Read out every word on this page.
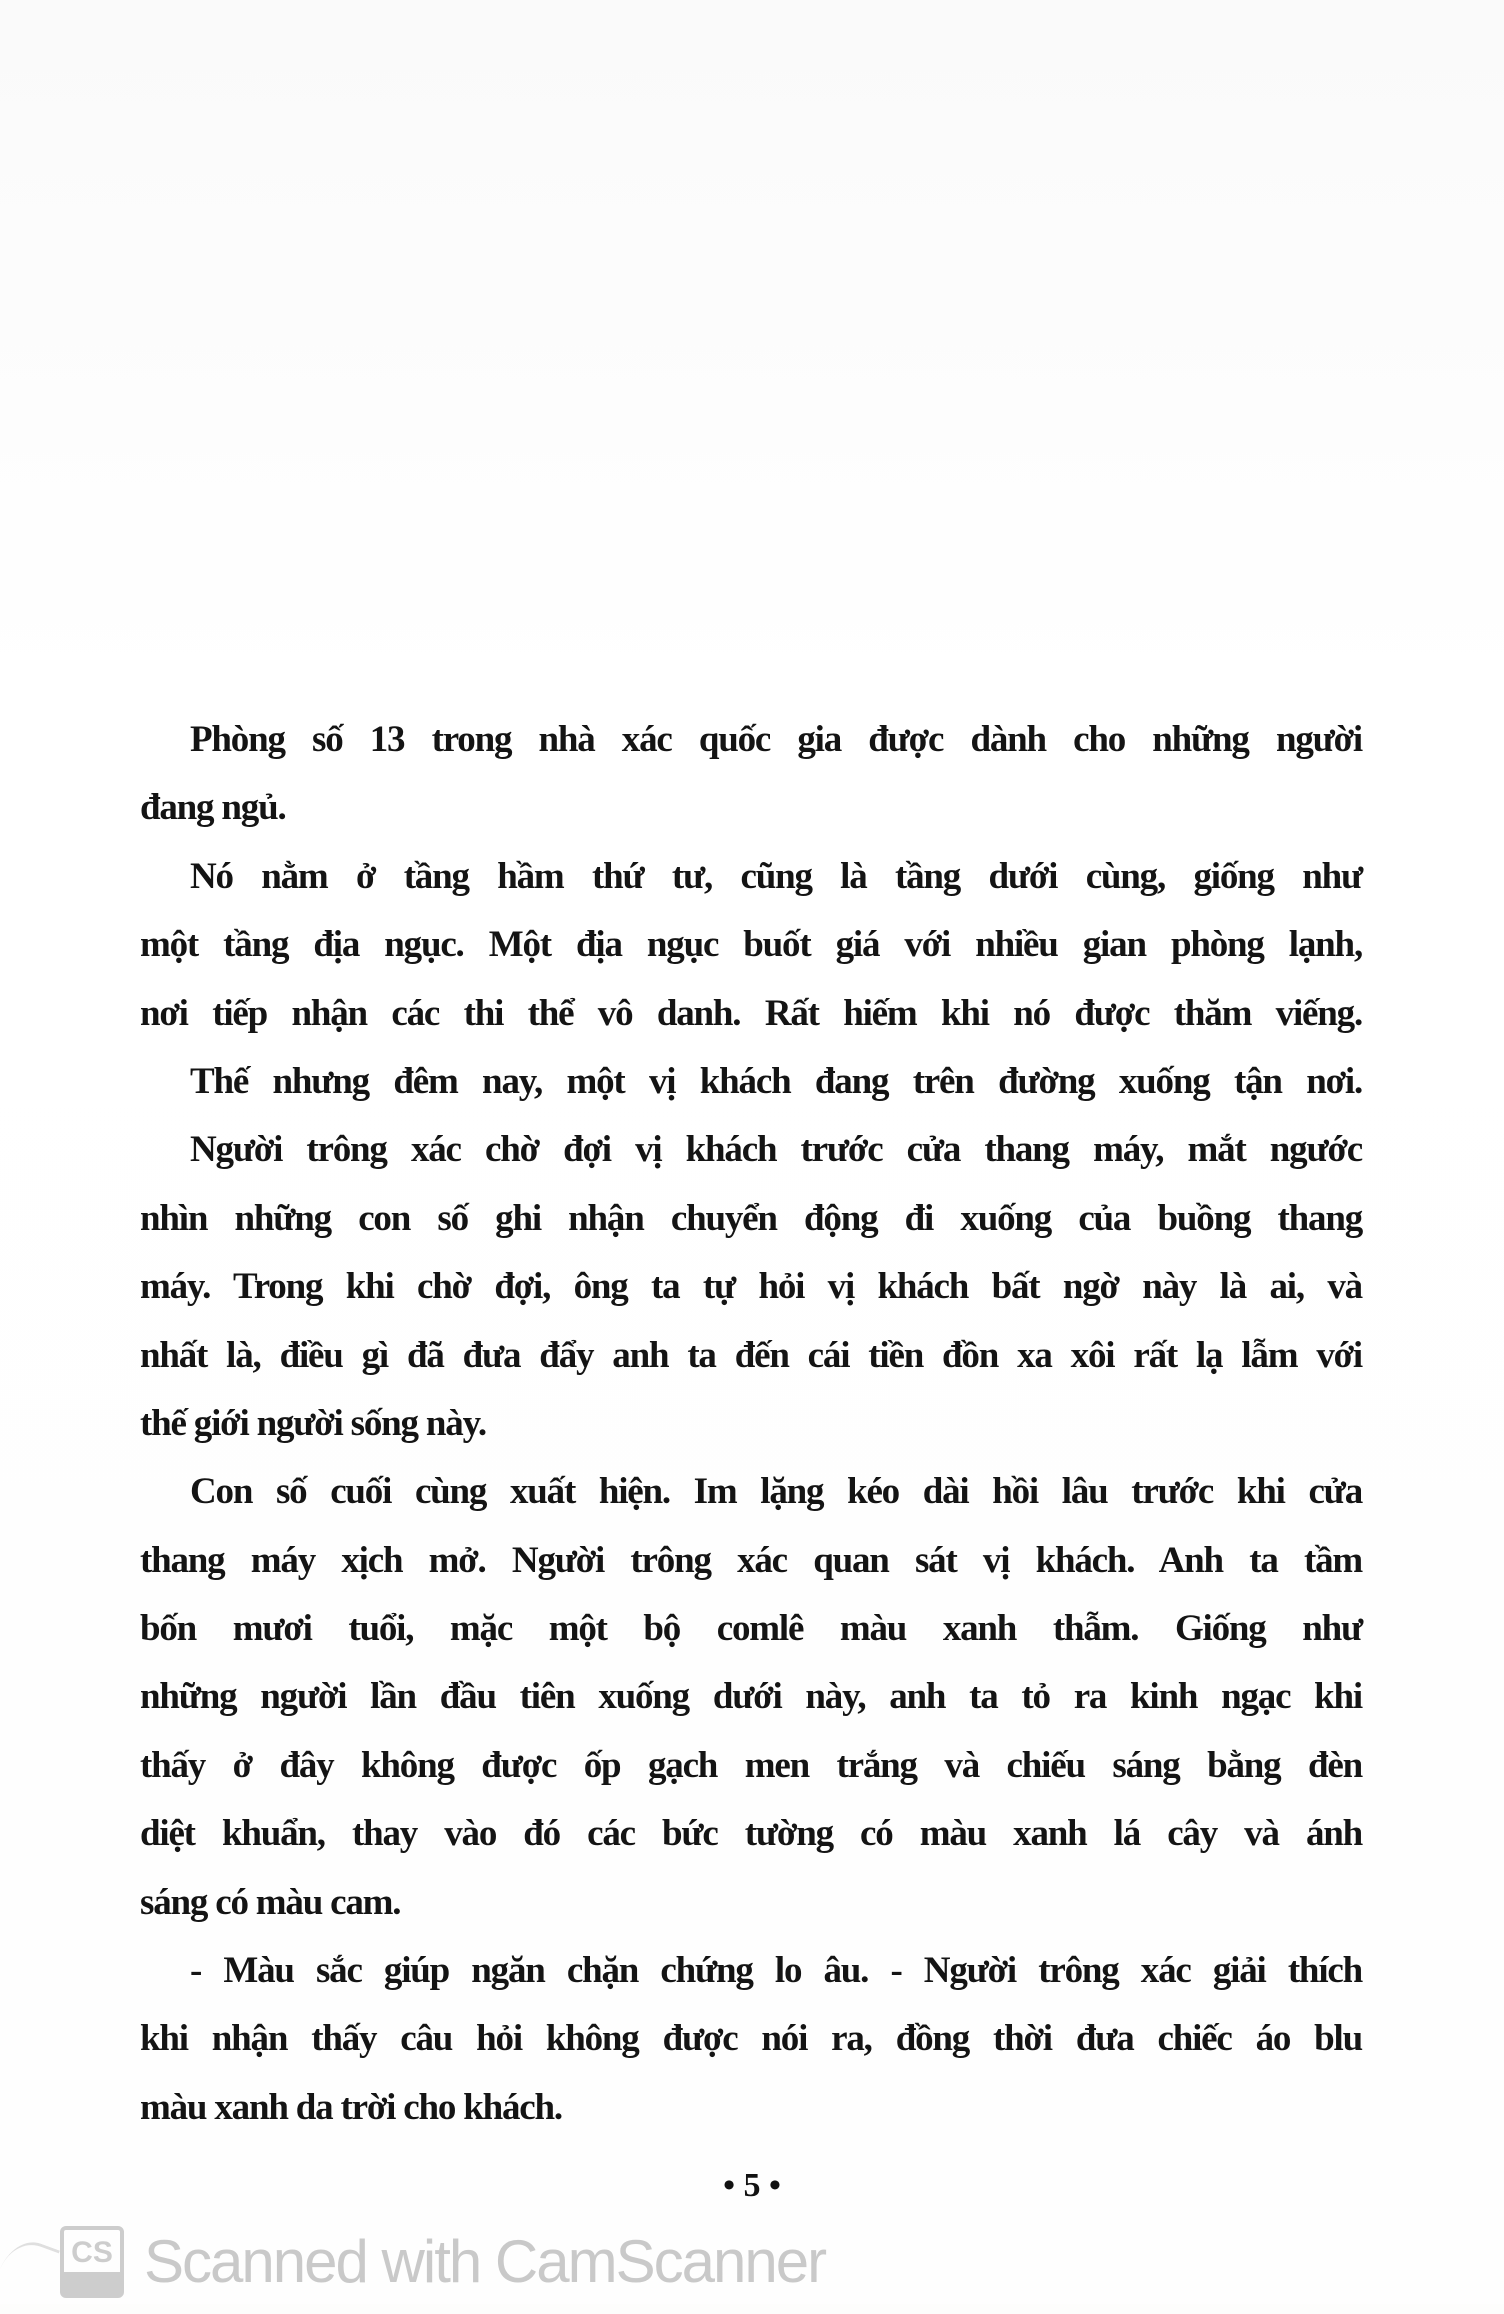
Phòng số 13 trong nhà xác quốc gia được dành cho những người
đang ngủ.
Nó nằm ở tầng hầm thứ tư, cũng là tầng dưới cùng, giống như
một tầng địa ngục. Một địa ngục buốt giá với nhiều gian phòng lạnh,
nơi tiếp nhận các thi thể vô danh. Rất hiếm khi nó được thăm viếng.
Thế nhưng đêm nay, một vị khách đang trên đường xuống tận nơi.
Người trông xác chờ đợi vị khách trước cửa thang máy, mắt ngước
nhìn những con số ghi nhận chuyển động đi xuống của buồng thang
máy. Trong khi chờ đợi, ông ta tự hỏi vị khách bất ngờ này là ai, và
nhất là, điều gì đã đưa đẩy anh ta đến cái tiền đồn xa xôi rất lạ lẫm với
thế giới người sống này.
Con số cuối cùng xuất hiện. Im lặng kéo dài hồi lâu trước khi cửa
thang máy xịch mở. Người trông xác quan sát vị khách. Anh ta tầm
bốn mươi tuổi, mặc một bộ comlê màu xanh thẫm. Giống như
những người lần đầu tiên xuống dưới này, anh ta tỏ ra kinh ngạc khi
thấy ở đây không được ốp gạch men trắng và chiếu sáng bằng đèn
diệt khuẩn, thay vào đó các bức tường có màu xanh lá cây và ánh
sáng có màu cam.
- Màu sắc giúp ngăn chặn chứng lo âu. - Người trông xác giải thích
khi nhận thấy câu hỏi không được nói ra, đồng thời đưa chiếc áo blu
màu xanh da trời cho khách.
• 5 •
CS Scanned with CamScanner
